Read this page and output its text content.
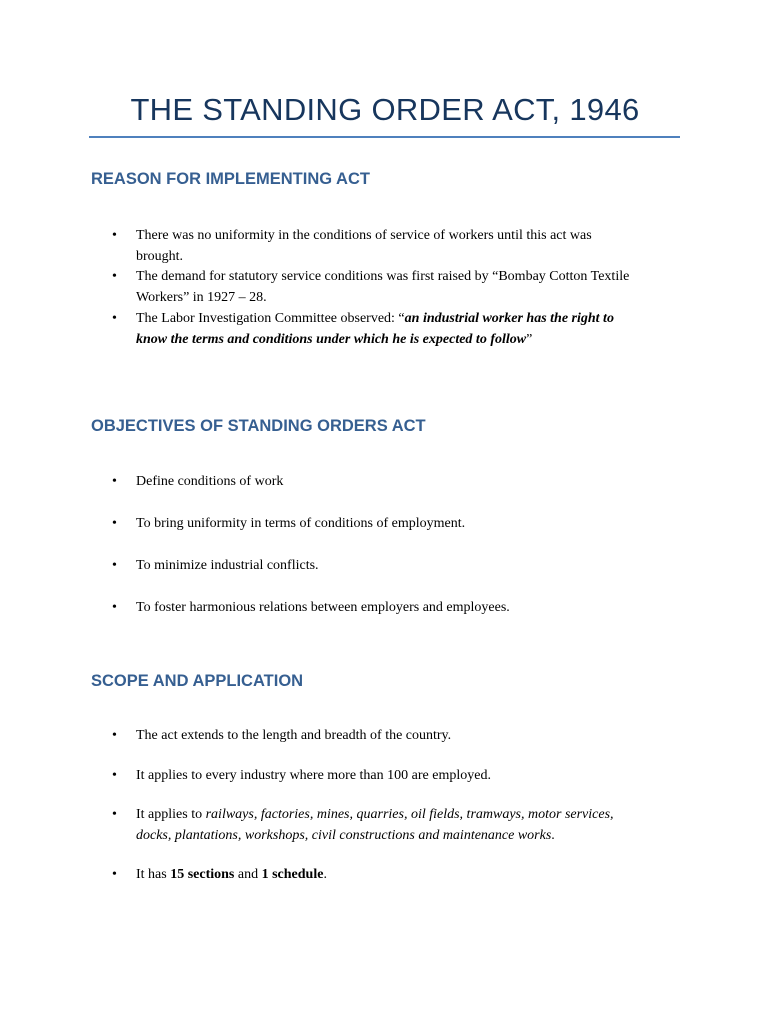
THE STANDING ORDER ACT, 1946
REASON FOR IMPLEMENTING ACT
•	There was no uniformity in the conditions of service of workers until this act was
brought.
•	The demand for statutory service conditions was first raised by “Bombay Cotton Textile
Workers” in 1927 – 28.
•	The Labor Investigation Committee observed: “an industrial worker has the right to
know the terms and conditions under which he is expected to follow”
OBJECTIVES OF STANDING ORDERS ACT
•	Define conditions of work
•	To bring uniformity in terms of conditions of employment.
•	To minimize industrial conflicts.
•	To foster harmonious relations between employers and employees.
SCOPE AND APPLICATION
•	The act extends to the length and breadth of the country.
•	It applies to every industry where more than 100 are employed.
•	It applies to railways, factories, mines, quarries, oil fields, tramways, motor services,
docks, plantations, workshops, civil constructions and maintenance works.
•	It has 15 sections and 1 schedule.
